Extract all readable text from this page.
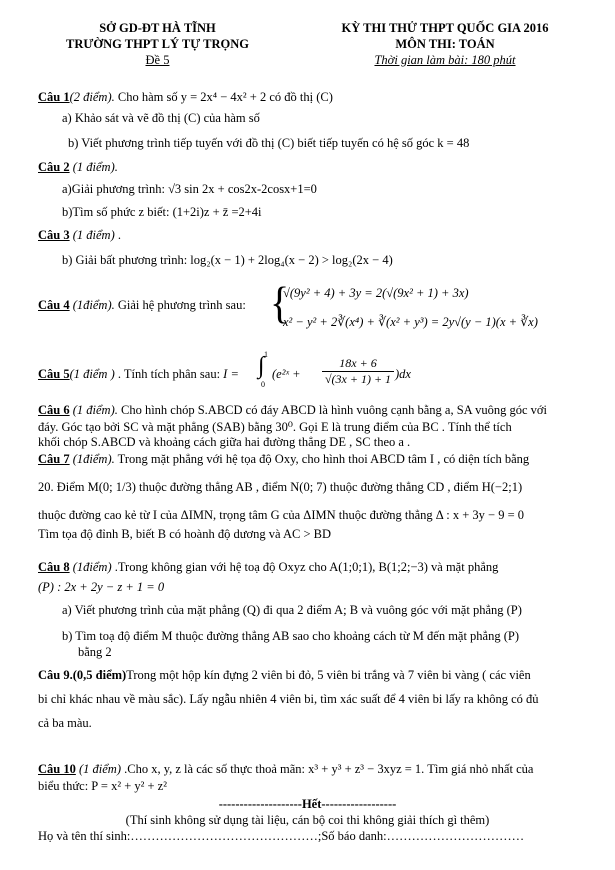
SỞ GD-ĐT HÀ TĨNH
TRƯỜNG THPT LÝ TỰ TRỌNG
Đề 5
KỲ THI THỬ THPT QUỐC GIA 2016
MÔN THI: TOÁN
Thời gian làm bài: 180 phút
Câu 1(2 điểm). Cho hàm số y = 2x⁴ − 4x² + 2 có đồ thị (C)
a) Khảo sát và vẽ đồ thị (C) của hàm số
b) Viết phương trình tiếp tuyến với đồ thị (C) biết tiếp tuyến có hệ số góc k = 48
Câu 2 (1 điểm).
a)Giải phương trình: √3 sin 2x + cos2x-2cosx+1=0
b)Tìm số phức z biết: (1+2i)z + z̄ =2+4i
Câu 3 (1 điểm) .
b) Giải bất phương trình: log₂(x − 1) + 2log₄(x − 2) > log₂(2x − 4)
Câu 4 (1điểm). Giải hệ phương trình sau: {
√(9y² + 4) + 3y = 2(√(9x² + 1) + 3x)
x² − y² + 2∛(x⁴) + ∛(x² + y³) = 2y√(y − 1)(x + ∛x)
Câu 5(1 điểm ) . Tính tích phân sau: I = ∫ 1
0
(e²ˣ + $\frac{18x + 6}{√(3x + 1) + 1} )dx$
Câu 6 (1 điểm). Cho hình chóp S.ABCD có đáy ABCD là hình vuông cạnh bằng a, SA vuông góc với
đáy. Góc tạo bởi SC và mặt phẳng (SAB) bằng 30⁰. Gọi E là trung điểm của BC . Tính thể tích
khối chóp S.ABCD và khoảng cách giữa hai đường thẳng DE , SC theo a .
Câu 7 (1điểm). Trong mặt phẳng với hệ tọa độ Oxy, cho hình thoi ABCD tâm I , có diện tích bằng
20. Điểm M(0; 1/3) thuộc đường thẳng AB , điểm N(0; 7) thuộc đường thẳng CD , điểm H(−2;1)
thuộc đường cao kẻ từ I của ΔIMN, trọng tâm G của ΔIMN thuộc đường thẳng Δ : x + 3y − 9 = 0
Tìm tọa độ đỉnh B, biết B có hoành độ dương và AC > BD
Câu 8 (1điểm) .Trong không gian với hệ toạ độ Oxyz cho A(1;0;1), B(1;2;−3) và mặt phẳng
(P) : 2x + 2y − z + 1 = 0
a) Viết phương trình của mặt phẳng (Q) đi qua 2 điểm A; B và vuông góc với mặt phẳng (P)
b) Tìm toạ độ điểm M thuộc đường thẳng AB sao cho khoảng cách từ M đến mặt phẳng (P)
bằng 2
Câu 9.(0,5 điểm)Trong một hộp kín đựng 2 viên bi đỏ, 5 viên bi trắng và 7 viên bi vàng ( các viên
bi chỉ khác nhau về màu sắc). Lấy ngẫu nhiên 4 viên bi, tìm xác suất để 4 viên bi lấy ra không có đủ
cả ba màu.
Câu 10 (1 điểm) .Cho x, y, z là các số thực thoả mãn: x³ + y³ + z³ − 3xyz = 1. Tìm giá nhỏ nhất của
biểu thức: P = x² + y² + z²
--------------------Hết------------------
(Thí sinh không sử dụng tài liệu, cán bộ coi thi không giải thích gì thêm)
Họ và tên thí sinh:………………………………………;Số báo danh:……………………………
